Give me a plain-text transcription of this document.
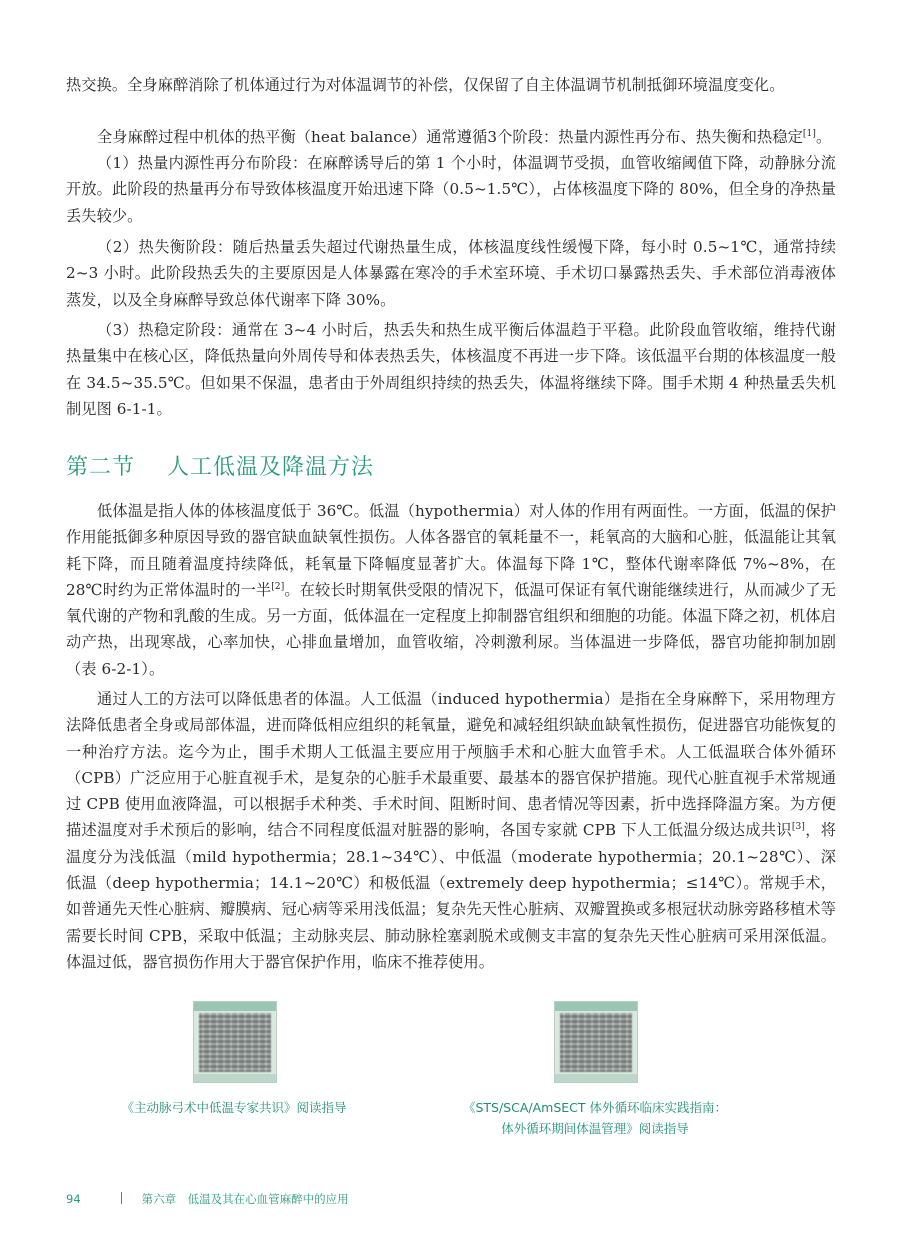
热交换。全身麻醉消除了机体通过行为对体温调节的补偿，仅保留了自主体温调节机制抵御环境温度变化。

全身麻醉过程中机体的热平衡（heat balance）通常遵循3个阶段：热量内源性再分布、热失衡和热稳定[1]。

（1）热量内源性再分布阶段：在麻醉诱导后的第 1 个小时，体温调节受损，血管收缩阈值下降，动静脉分流开放。此阶段的热量再分布导致体核温度开始迅速下降（0.5~1.5℃），占体核温度下降的 80%，但全身的净热量丢失较少。

（2）热失衡阶段：随后热量丢失超过代谢热量生成，体核温度线性缓慢下降，每小时 0.5~1℃，通常持续 2~3 小时。此阶段热丢失的主要原因是人体暴露在寒冷的手术室环境、手术切口暴露热丢失、手术部位消毒液体蒸发，以及全身麻醉导致总体代谢率下降 30%。

（3）热稳定阶段：通常在 3~4 小时后，热丢失和热生成平衡后体温趋于平稳。此阶段血管收缩，维持代谢热量集中在核心区，降低热量向外周传导和体表热丢失，体核温度不再进一步下降。该低温平台期的体核温度一般在 34.5~35.5℃。但如果不保温，患者由于外周组织持续的热丢失，体温将继续下降。围手术期 4 种热量丢失机制见图 6-1-1。

第二节 人工低温及降温方法

低体温是指人体的体核温度低于 36℃。低温（hypothermia）对人体的作用有两面性。一方面，低温的保护作用能抵御多种原因导致的器官缺血缺氧性损伤。人体各器官的氧耗量不一，耗氧高的大脑和心脏，低温能让其氧耗下降，而且随着温度持续降低，耗氧量下降幅度显著扩大。体温每下降 1℃，整体代谢率降低 7%~8%，在 28℃时约为正常体温时的一半[2]。在较长时期氧供受限的情况下，低温可保证有氧代谢能继续进行，从而减少了无氧代谢的产物和乳酸的生成。另一方面，低体温在一定程度上抑制器官组织和细胞的功能。体温下降之初，机体启动产热，出现寒战，心率加快，心排血量增加，血管收缩，冷刺激利尿。当体温进一步降低，器官功能抑制加剧（表 6-2-1）。

通过人工的方法可以降低患者的体温。人工低温（induced hypothermia）是指在全身麻醉下，采用物理方法降低患者全身或局部体温，进而降低相应组织的耗氧量，避免和减轻组织缺血缺氧性损伤，促进器官功能恢复的一种治疗方法。迄今为止，围手术期人工低温主要应用于颅脑手术和心脏大血管手术。人工低温联合体外循环（CPB）广泛应用于心脏直视手术，是复杂的心脏手术最重要、最基本的器官保护措施。现代心脏直视手术常规通过 CPB 使用血液降温，可以根据手术种类、手术时间、阻断时间、患者情况等因素，折中选择降温方案。为方便描述温度对手术预后的影响，结合不同程度低温对脏器的影响，各国专家就 CPB 下人工低温分级达成共识[3]，将温度分为浅低温（mild hypothermia；28.1~34℃）、中低温（moderate hypothermia；20.1~28℃）、深低温（deep hypothermia；14.1~20℃）和极低温（extremely deep hypothermia；≤14℃）。常规手术，如普通先天性心脏病、瓣膜病、冠心病等采用浅低温；复杂先天性心脏病、双瓣置换或多根冠状动脉旁路移植术等需要长时间 CPB，采取中低温；主动脉夹层、肺动脉栓塞剥脱术或侧支丰富的复杂先天性心脏病可采用深低温。体温过低，器官损伤作用大于器官保护作用，临床不推荐使用。

《主动脉弓术中低温专家共识》阅读指导	《STS/SCA/AmSECT 体外循环临床实践指南：
体外循环期间体温管理》阅读指导

94	第六章　低温及其在心血管麻醉中的应用
